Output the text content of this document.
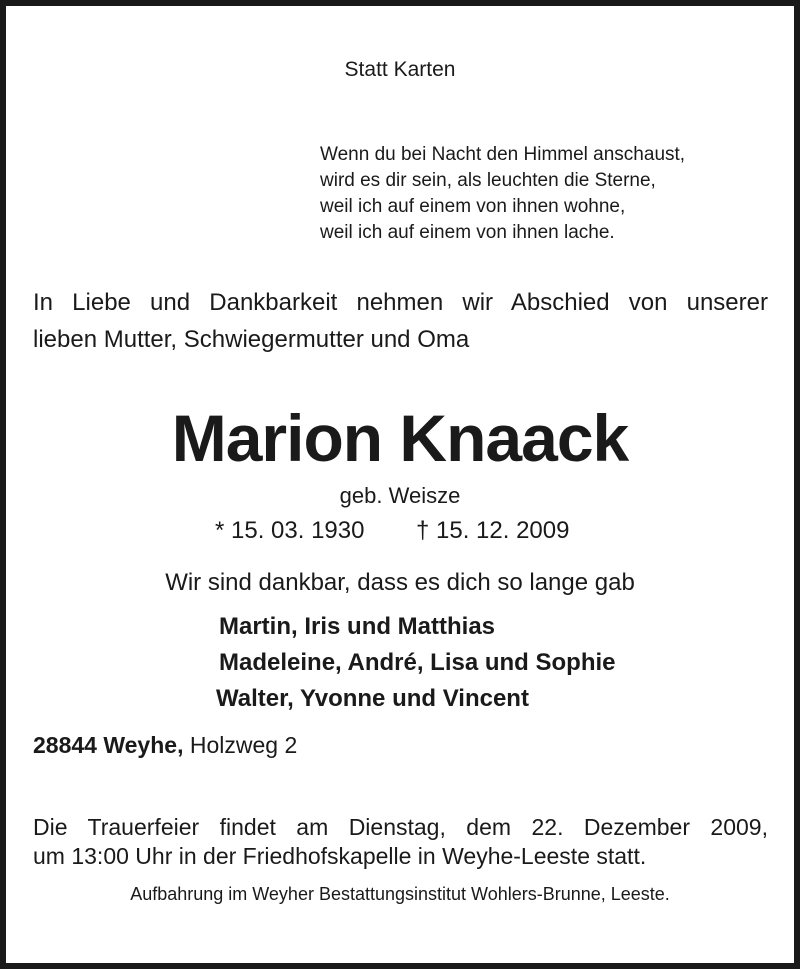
Statt Karten

Wenn du bei Nacht den Himmel anschaust,
wird es dir sein, als leuchten die Sterne,
weil ich auf einem von ihnen wohne,
weil ich auf einem von ihnen lache.
In Liebe und Dankbarkeit nehmen wir Abschied von unserer
lieben Mutter, Schwiegermutter und Oma

Marion Knaack

geb. Weisze

* 15. 03. 1930 † 15. 12. 2009

Wir sind dankbar, dass es dich so lange gab

Martin, Iris und Matthias

Madeleine, André, Lisa und Sophie

Walter, Yvonne und Vincent

28844 Weyhe, Holzweg 2

Die Trauerfeier findet am Dienstag, dem 22. Dezember 2009,
um 13:00 Uhr in der Friedhofskapelle in Weyhe-Leeste statt.

Aufbahrung im Weyher Bestattungsinstitut Wohlers-Brunne, Leeste.
